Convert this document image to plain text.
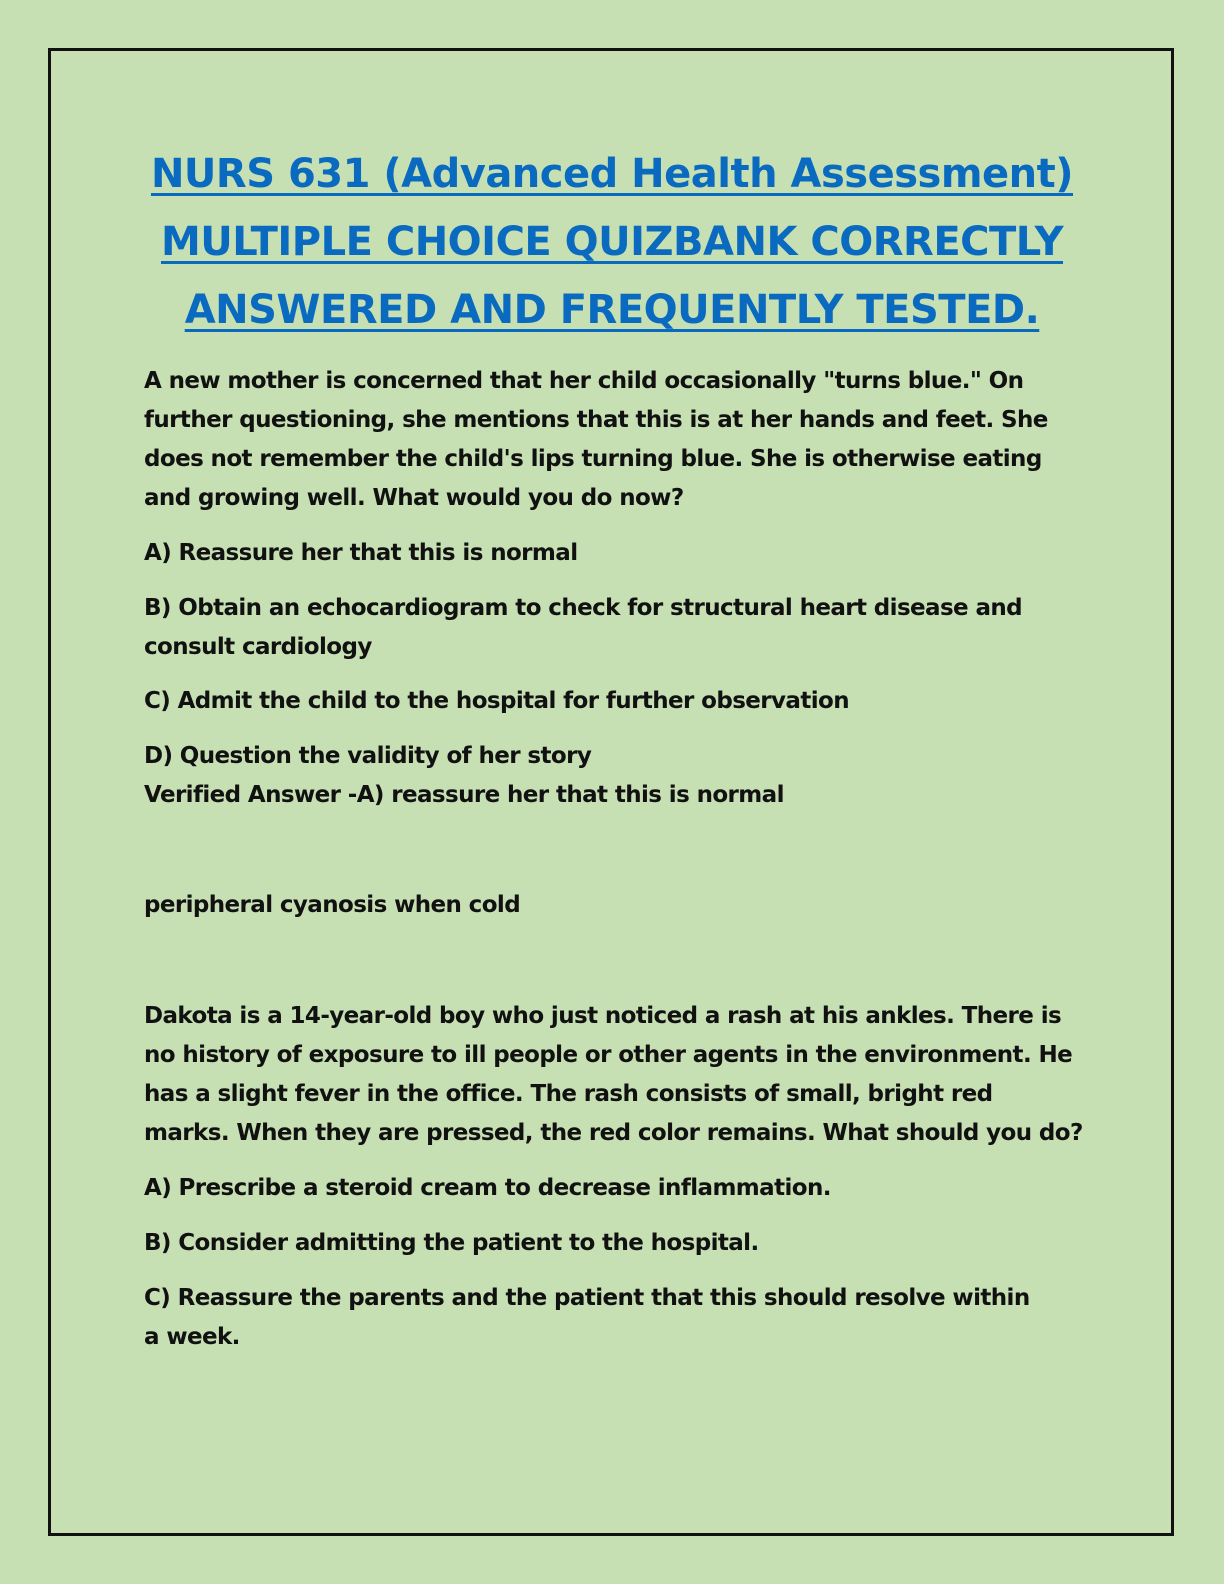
NURS 631 (Advanced Health Assessment)
MULTIPLE CHOICE QUIZBANK CORRECTLY
ANSWERED AND FREQUENTLY TESTED.

A new mother is concerned that her child occasionally "turns blue." On further questioning, she mentions that this is at her hands and feet. She does not remember the child's lips turning blue. She is otherwise eating and growing well. What would you do now?

A) Reassure her that this is normal

B) Obtain an echocardiogram to check for structural heart disease and consult cardiology

C) Admit the child to the hospital for further observation

D) Question the validity of her story

Verified Answer -A) reassure her that this is normal

peripheral cyanosis when cold

Dakota is a 14-year-old boy who just noticed a rash at his ankles. There is no history of exposure to ill people or other agents in the environment. He has a slight fever in the office. The rash consists of small, bright red marks. When they are pressed, the red color remains. What should you do?

A) Prescribe a steroid cream to decrease inflammation.

B) Consider admitting the patient to the hospital.

C) Reassure the parents and the patient that this should resolve within a week.
